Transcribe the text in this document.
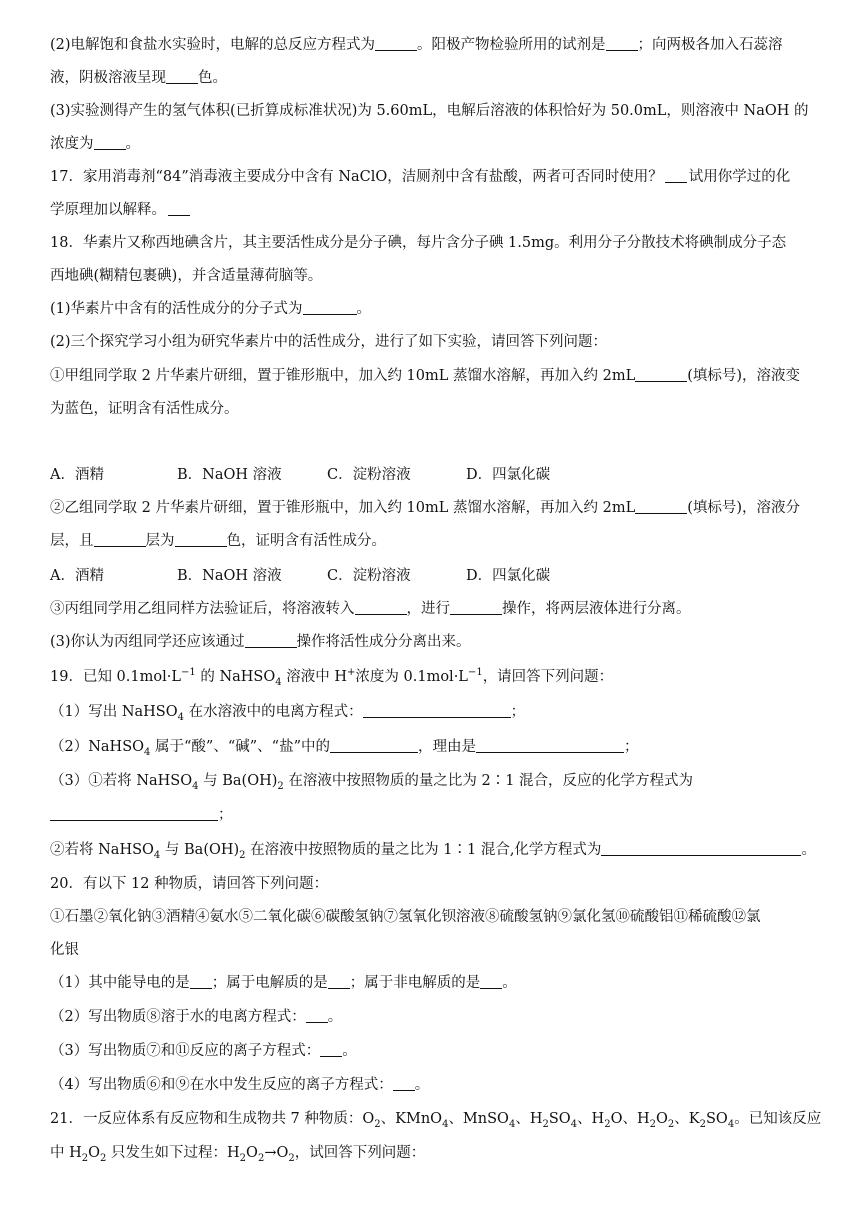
(2)电解饱和食盐水实验时，电解的总反应方程式为	。阳极产物检验所用的试剂是 ；向两极各加入石蕊溶
液，阴极溶液呈现 色。
(3)实验测得产生的氢气体积(已折算成标准状况)为 5.60mL，电解后溶液的体积恰好为 50.0mL，则溶液中 NaOH 的
浓度为 。
17．家用消毒剂“84”消毒液主要成分中含有 NaClO，洁厕剂中含有盐酸，两者可否同时使用？ 试用你学过的化
学原理加以解释。
18．华素片又称西地碘含片，其主要活性成分是分子碘，每片含分子碘 1.5mg。利用分子分散技术将碘制成分子态
西地碘(糊精包裹碘)，并含适量薄荷脑等。
(1)华素片中含有的活性成分的分子式为	。
(2)三个探究学习小组为研究华素片中的活性成分，进行了如下实验，请回答下列问题：
①甲组同学取 2 片华素片研细，置于锥形瓶中，加入约 10mL 蒸馏水溶解，再加入约 2mL	(填标号)，溶液变
为蓝色，证明含有活性成分。
A．酒精	B．NaOH 溶液	C．淀粉溶液	D．四氯化碳
②乙组同学取 2 片华素片研细，置于锥形瓶中，加入约 10mL 蒸馏水溶解，再加入约 2mL	(填标号)，溶液分
层，且	层为	色，证明含有活性成分。
A．酒精	B．NaOH 溶液	C．淀粉溶液	D．四氯化碳
③丙组同学用乙组同样方法验证后，将溶液转入	，进行	操作，将两层液体进行分离。
(3)你认为丙组同学还应该通过	操作将活性成分分离出来。
19．已知 $0.1mol\cdot L^{-1}$ 的 NaHSO$_4$ 溶液中 H+浓度为 $0.1mol\cdot L^{-1}$，请回答下列问题：
（1）写出 NaHSO$_4$ 在水溶液中的电离方程式：	；
（2）NaHSO$_4$ 属于“酸”、“碱”、“盐”中的	，理由是	；
（3）①若将 NaHSO$_4$ 与 $Ba(OH)_2$ 在溶液中按照物质的量之比为 2∶1 混合，反应的化学方程式为
；
②若将 NaHSO$_4$ 与 $Ba(OH)_2$ 在溶液中按照物质的量之比为 1∶1 混合,化学方程式为	。
20．有以下 12 种物质，请回答下列问题：
①石墨②氧化钠③酒精④氨水⑤二氧化碳⑥碳酸氢钠⑦氢氧化钡溶液⑧硫酸氢钠⑨氯化氢⑩硫酸铝⑪稀硫酸⑫氯
化银
（1）其中能导电的是 ；属于电解质的是 ；属于非电解质的是 。
（2）写出物质⑧溶于水的电离方程式： 。
（3）写出物质⑦和⑪反应的离子方程式： 。
（4）写出物质⑥和⑨在水中发生反应的离子方程式： 。
21．一反应体系有反应物和生成物共 7 种物质：$O_2$、KMnO$_4$、MnSO$_4$、$H_2SO_4$、$H_2O$、$H_2O_2$、$K_2SO_4$。已知该反应
中 $H_2O_2$ 只发生如下过程：$H_2O_2\to O_2$，试回答下列问题：
